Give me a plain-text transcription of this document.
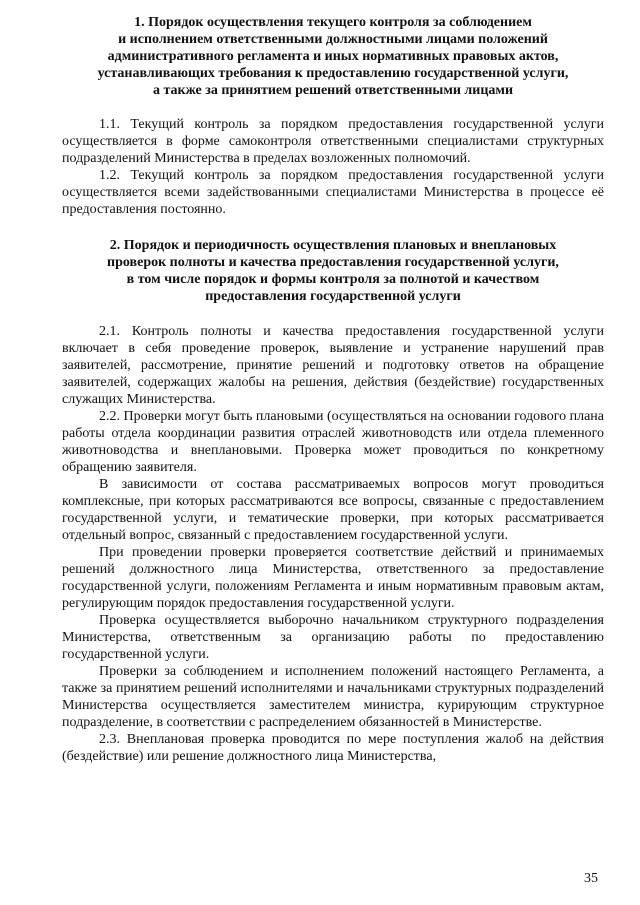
1. Порядок осуществления текущего контроля за соблюдением
и исполнением ответственными должностными лицами положений
административного регламента и иных нормативных правовых актов,
устанавливающих требования к предоставлению государственной услуги,
а также за принятием решений ответственными лицами

1.1. Текущий контроль за порядком предоставления государственной услуги осуществляется в форме самоконтроля ответственными специалистами структурных подразделений Министерства в пределах возложенных полномочий.

1.2. Текущий контроль за порядком предоставления государственной услуги осуществляется всеми задействованными специалистами Министерства в процессе её предоставления постоянно.

2. Порядок и периодичность осуществления плановых и внеплановых
проверок полноты и качества предоставления государственной услуги,
в том числе порядок и формы контроля за полнотой и качеством
предоставления государственной услуги

2.1. Контроль полноты и качества предоставления государственной услуги включает в себя проведение проверок, выявление и устранение нарушений прав заявителей, рассмотрение, принятие решений и подготовку ответов на обращение заявителей, содержащих жалобы на решения, действия (бездействие) государственных служащих Министерства.

2.2. Проверки могут быть плановыми (осуществляться на основании годового плана работы отдела координации развития отраслей животноводств или отдела племенного животноводства и внеплановыми. Проверка может проводиться по конкретному обращению заявителя.

В зависимости от состава рассматриваемых вопросов могут проводиться комплексные, при которых рассматриваются все вопросы, связанные с предоставлением государственной услуги, и тематические проверки, при которых рассматривается отдельный вопрос, связанный с предоставлением государственной услуги.

При проведении проверки проверяется соответствие действий и принимаемых решений должностного лица Министерства, ответственного за предоставление государственной услуги, положениям Регламента и иным нормативным правовым актам, регулирующим порядок предоставления государственной услуги.

Проверка осуществляется выборочно начальником структурного подразделения Министерства, ответственным за организацию работы по предоставлению государственной услуги.

Проверки за соблюдением и исполнением положений настоящего Регламента, а также за принятием решений исполнителями и начальниками структурных подразделений Министерства осуществляется заместителем министра, курирующим структурное подразделение, в соответствии с распределением обязанностей в Министерстве.

2.3. Внеплановая проверка проводится по мере поступления жалоб на действия (бездействие) или решение должностного лица Министерства,

35
